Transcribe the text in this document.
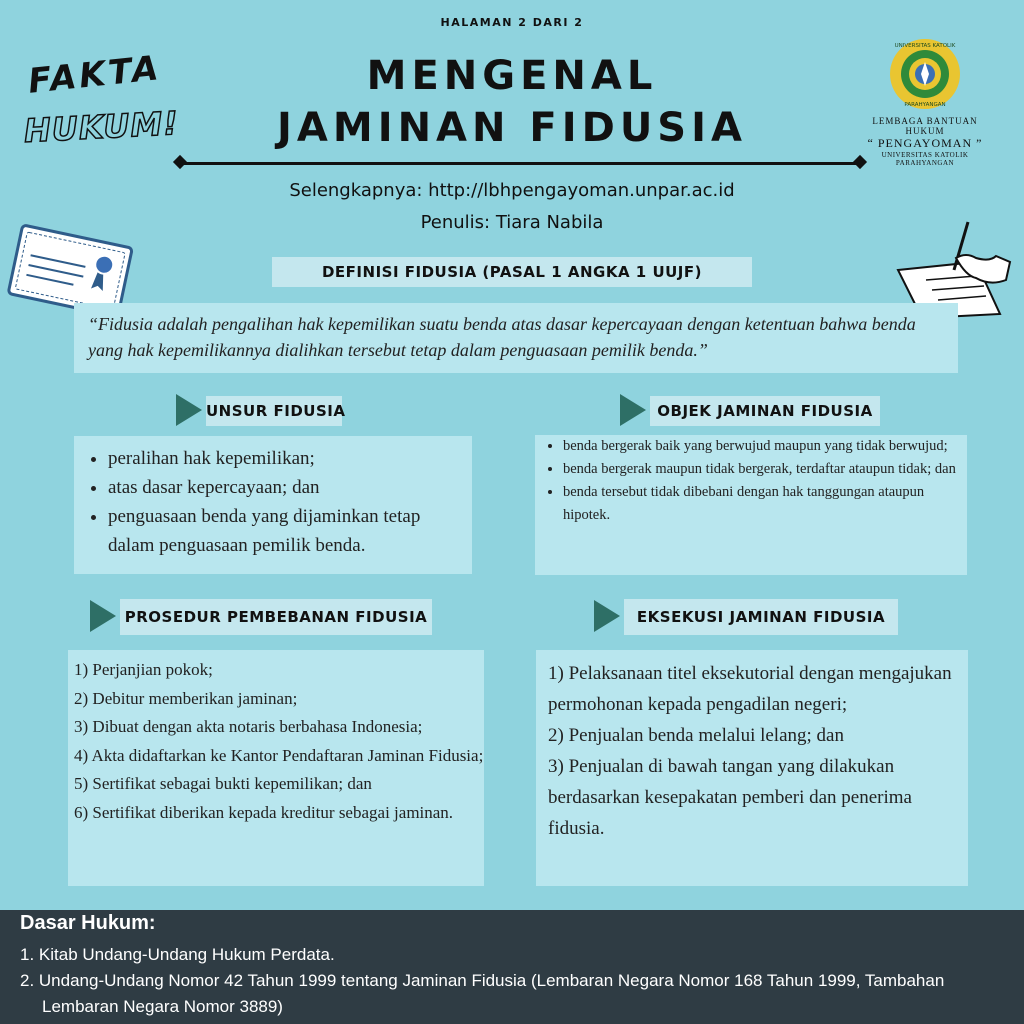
HALAMAN 2 DARI 2
MENGENAL
JAMINAN FIDUSIA
Selengkapnya: http://lbhpengayoman.unpar.ac.id
Penulis: Tiara Nabila
FAKTA
HUKUM!
UNIVERSITAS KATOLIK
PARAHYANGAN
LEMBAGA BANTUAN HUKUM
“ PENGAYOMAN ”
UNIVERSITAS KATOLIK PARAHYANGAN
DEFINISI FIDUSIA (PASAL 1 ANGKA 1 UUJF)
“Fidusia adalah pengalihan hak kepemilikan suatu benda atas dasar kepercayaan dengan ketentuan bahwa benda yang hak kepemilikannya dialihkan tersebut tetap dalam penguasaan pemilik benda.”
UNSUR FIDUSIA
• peralihan hak kepemilikan;
• atas dasar kepercayaan; dan
• penguasaan benda yang dijaminkan tetap dalam penguasaan pemilik benda.
OBJEK JAMINAN FIDUSIA
• benda bergerak baik yang berwujud maupun yang tidak berwujud;
• benda bergerak maupun tidak bergerak, terdaftar ataupun tidak; dan
• benda tersebut tidak dibebani dengan hak tanggungan ataupun hipotek.
PROSEDUR PEMBEBANAN FIDUSIA
1) Perjanjian pokok;
2) Debitur memberikan jaminan;
3) Dibuat dengan akta notaris berbahasa Indonesia;
4) Akta didaftarkan ke Kantor Pendaftaran Jaminan Fidusia;
5) Sertifikat sebagai bukti kepemilikan; dan
6) Sertifikat diberikan kepada kreditur sebagai jaminan.
EKSEKUSI JAMINAN FIDUSIA
1) Pelaksanaan titel eksekutorial dengan mengajukan permohonan kepada pengadilan negeri;
2) Penjualan benda melalui lelang; dan
3) Penjualan di bawah tangan yang dilakukan berdasarkan kesepakatan pemberi dan penerima fidusia.
Dasar Hukum:
1. Kitab Undang-Undang Hukum Perdata.
2. Undang-Undang Nomor 42 Tahun 1999 tentang Jaminan Fidusia (Lembaran Negara Nomor 168 Tahun 1999, Tambahan Lembaran Negara Nomor 3889)
